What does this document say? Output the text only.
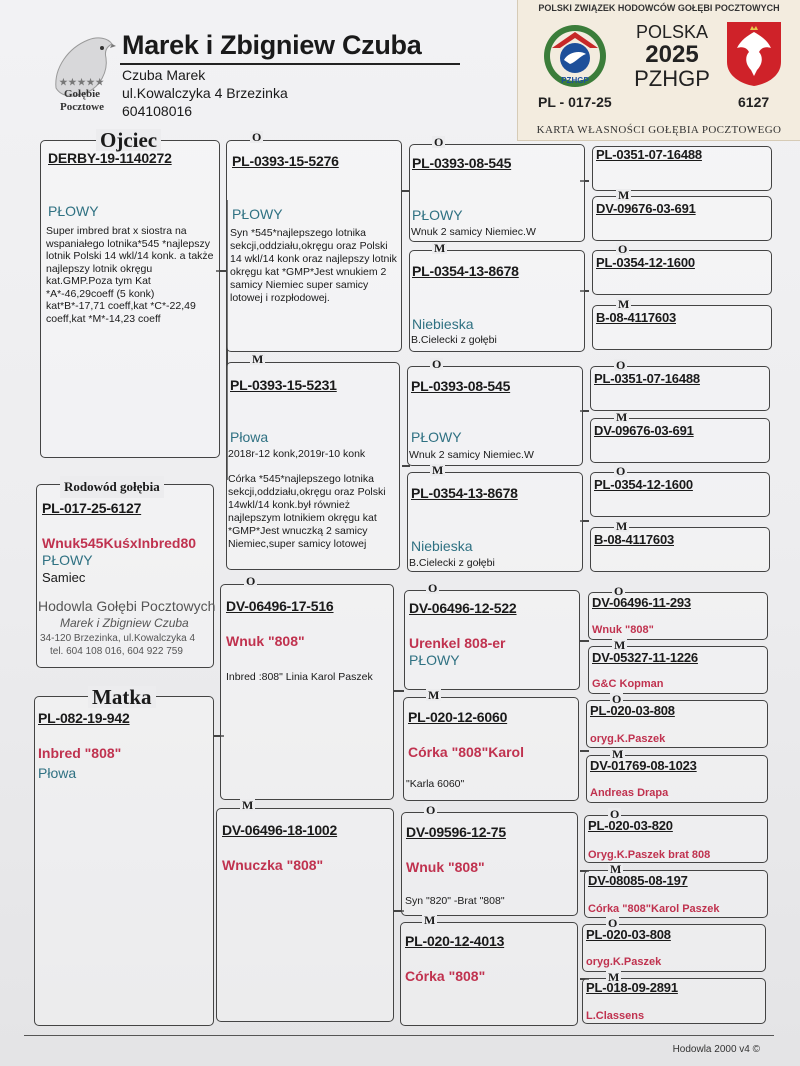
★★★★★
Gołębie
Pocztowe
Marek i Zbigniew Czuba
Czuba Marek
ul.Kowalczyka 4 Brzezinka
604108016
POLSKI ZWIĄZEK HODOWCÓW GOŁĘBI POCZTOWYCH
PZHGP
POLSKA
2025
PZHGP
PL - 017-25	6127
KARTA WŁASNOŚCI GOŁĘBIA POCZTOWEGO
Ojciec
DERBY-19-1140272
PŁOWY
Super imbred brat x siostra na wspaniałego lotnika*545 *najlepszy lotnik Polski 14 wkl/14 konk. a także najlepszy lotnik okręgu kat.GMP.Poza tym Kat *A*-46,29coeff (5 konk)
kat*B*-17,71 coeff,kat *C*-22,49 coeff,kat *M*-14,23 coeff
Rodowód gołębia
PL-017-25-6127
Wnuk545KuśxInbred80
PŁOWY
Samiec
Hodowla Gołębi Pocztowych
Marek i Zbigniew Czuba
34-120 Brzezinka, ul.Kowalczyka 4
tel. 604 108 016, 604 922 759
Matka
PL-082-19-942
Inbred "808"
Płowa
O
PL-0393-15-5276
PŁOWY
Syn *545*najlepszego lotnika sekcji,oddziału,okręgu oraz Polski 14 wkl/14 konk oraz najlepszy lotnik okręgu kat *GMP*Jest wnukiem 2 samicy Niemiec super samicy lotowej i rozpłodowej.
M
PL-0393-15-5231
Płowa
2018r-12 konk,2019r-10 konk
Córka *545*najlepszego lotnika sekcji,oddziału,okręgu oraz Polski 14wkl/14 konk.był również najlepszym lotnikiem okręgu kat *GMP*Jest wnuczką 2 samicy Niemiec,super samicy lotowej
O
DV-06496-17-516
Wnuk "808"
Inbred :808" Linia Karol Paszek
M
DV-06496-18-1002
Wnuczka "808"
O
PL-0393-08-545
PŁOWY
Wnuk 2 samicy Niemiec.W
M
PL-0354-13-8678
Niebieska
B.Cielecki z gołębi
O
PL-0393-08-545
PŁOWY
Wnuk 2 samicy Niemiec.W
M
PL-0354-13-8678
Niebieska
B.Cielecki z gołębi
O
DV-06496-12-522
Urenkel 808-er
PŁOWY
M
PL-020-12-6060
Córka "808"Karol
"Karla 6060"
O
DV-09596-12-75
Wnuk "808"
Syn "820" -Brat "808"
M
PL-020-12-4013
Córka "808"
PL-0351-07-16488
M
DV-09676-03-691
O
PL-0354-12-1600
M
B-08-4117603
O
PL-0351-07-16488
M
DV-09676-03-691
O
PL-0354-12-1600
M
B-08-4117603
O
DV-06496-11-293
Wnuk "808"
M
DV-05327-11-1226
G&C Kopman
O
PL-020-03-808
oryg.K.Paszek
M
DV-01769-08-1023
Andreas Drapa
O
PL-020-03-820
Oryg.K.Paszek brat 808
M
DV-08085-08-197
Córka "808"Karol Paszek
O
PL-020-03-808
oryg.K.Paszek
M
PL-018-09-2891
L.Classens
Hodowla 2000 v4 ©
